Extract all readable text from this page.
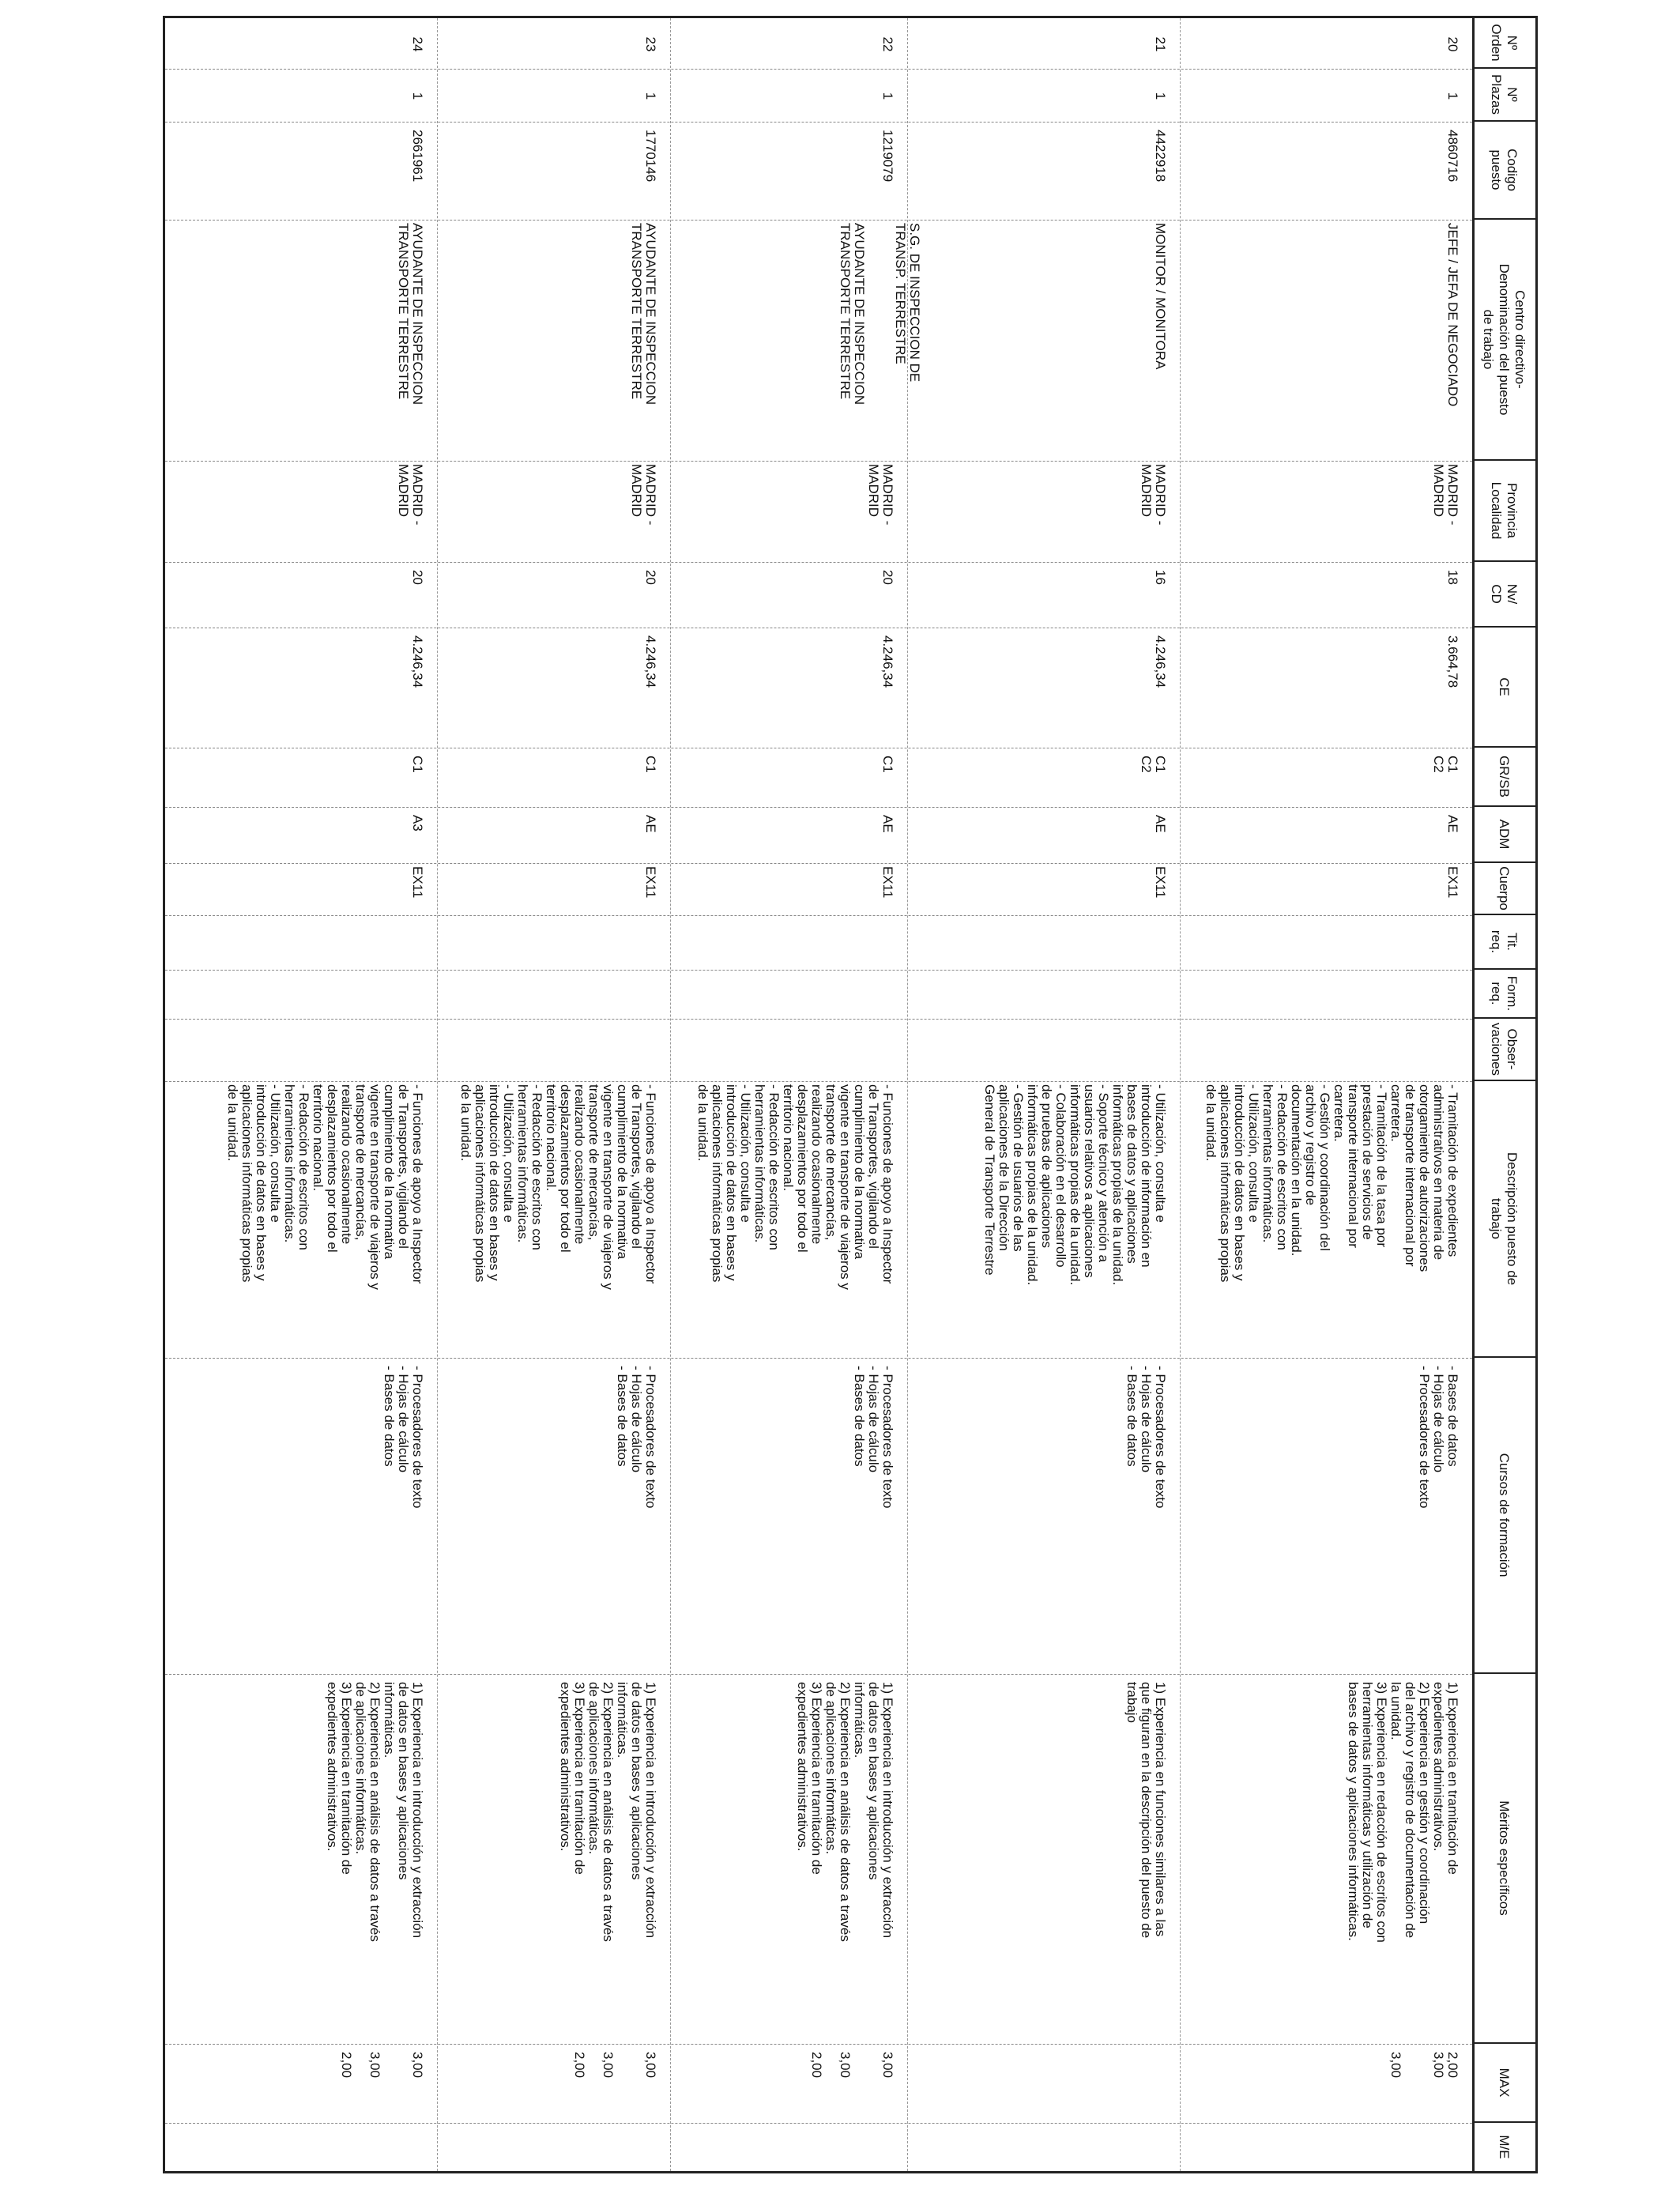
Nº
Orden
Nº
Plazas
Codigo
puesto
Centro directivo-
Denominación del puesto
de trabajo
Provincia
Localidad
Nv/
CD
CE
GR/SB
ADM
Cuerpo
Tit.
req.
Form.
req.
Obser-
vaciones
Descripción puesto de
trabajo
Cursos de formación
Méritos específicos
MAX
M/E
20
1
4860716
JEFE / JEFA DE NEGOCIADO
MADRID -
MADRID
18
3.664,78
C1
C2
AE
EX11
- Tramitación de expedientes
administrativos en materia de
otorgamiento de autorizaciones
de transporte internacional por
carretera.
- Tramitación de la tasa por
prestación de servicios de
transporte internacional por
carretera.
- Gestión y coordinación del
archivo y registro de
documentación en la unidad.
- Redacción de escritos con
herramientas informáticas.
- Utilización, consulta e
introducción de datos en bases y
aplicaciones informáticas propias
de la unidad.
- Bases de datos
- Hojas de cálculo
- Procesadores de texto
1) Experiencia en tramitación de
expedientes administrativos.
2) Experiencia en gestión y coordinación
del archivo y registro de documentación de
la unidad.
3) Experiencia en redacción de escritos con
herramientas informáticas y utilización de
bases de datos y aplicaciones informáticas.
2,00
3,00

3,00
21
1
4422918
MONITOR / MONITORA
MADRID -
MADRID
16
4.246,34
C1
C2
AE
EX11
- Utilización, consulta e
introducción de información en
bases de datos y aplicaciones
informáticas propias de la unidad.
- Soporte técnico y atención a
usuarios relativos a aplicaciones
informáticas propias de la unidad.
- Colaboración en el desarrollo
de pruebas de aplicaciones
informáticas propias de la unidad.
- Gestión de usuarios de las
aplicaciones de la Dirección
General de Transporte Terrestre
- Procesadores de texto
- Hojas de cálculo
- Bases de datos
1) Experiencia en funciones similares a las
que figuran en la descripción del puesto de
trabajo
22
1
1219079

S.G. DE INSPECCION DE
TRANSP. TERRESTRE

AYUDANTE DE INSPECCION
TRANSPORTE TERRESTRE

MADRID -
MADRID
20
4.246,34
C1
AE
EX11
- Funciones de apoyo a Inspector
de Transportes, vigilando el
cumplimiento de la normativa
vigente en transporte de viajeros y
transporte de mercancías,
realizando ocasionalmente
desplazamientos por todo el
territorio nacional.
- Redacción de escritos con
herramientas informáticas.
- Utilización, consulta e
introducción de datos en bases y
aplicaciones informáticas propias
de la unidad.
- Procesadores de texto
- Hojas de cálculo
- Bases de datos
1) Experiencia en introducción y extracción
de datos en bases y aplicaciones
informáticas.
2) Experiencia en análisis de datos a través
de aplicaciones informáticas.
3) Experiencia en tramitación de
expedientes administrativos.
3,00

3,00

2,00
23
1
1770146
AYUDANTE DE INSPECCION
TRANSPORTE TERRESTRE
MADRID -
MADRID
20
4.246,34
C1
AE
EX11
- Funciones de apoyo a Inspector
de Transportes, vigilando el
cumplimiento de la normativa
vigente en transporte de viajeros y
transporte de mercancías,
realizando ocasionalmente
desplazamientos por todo el
territorio nacional.
- Redacción de escritos con
herramientas informáticas.
- Utilización, consulta e
introducción de datos en bases y
aplicaciones informáticas propias
de la unidad.
- Procesadores de texto
- Hojas de cálculo
- Bases de datos
1) Experiencia en introducción y extracción
de datos en bases y aplicaciones
informáticas.
2) Experiencia en análisis de datos a través
de aplicaciones informáticas.
3) Experiencia en tramitación de
expedientes administrativos.
3,00

3,00

2,00
24
1
2661961
AYUDANTE DE INSPECCION
TRANSPORTE TERRESTRE
MADRID -
MADRID
20
4.246,34
C1
A3
EX11
- Funciones de apoyo a Inspector
de Transportes, vigilando el
cumplimiento de la normativa
vigente en transporte de viajeros y
transporte de mercancías,
realizando ocasionalmente
desplazamientos por todo el
territorio nacional.
- Redacción de escritos con
herramientas informáticas.
- Utilización, consulta e
introducción de datos en bases y
aplicaciones informáticas propias
de la unidad.
- Procesadores de texto
- Hojas de cálculo
- Bases de datos
1) Experiencia en introducción y extracción
de datos en bases y aplicaciones
informáticas.
2) Experiencia en análisis de datos a través
de aplicaciones informáticas.
3) Experiencia en tramitación de
expedientes administrativos.
3,00

3,00

2,00
